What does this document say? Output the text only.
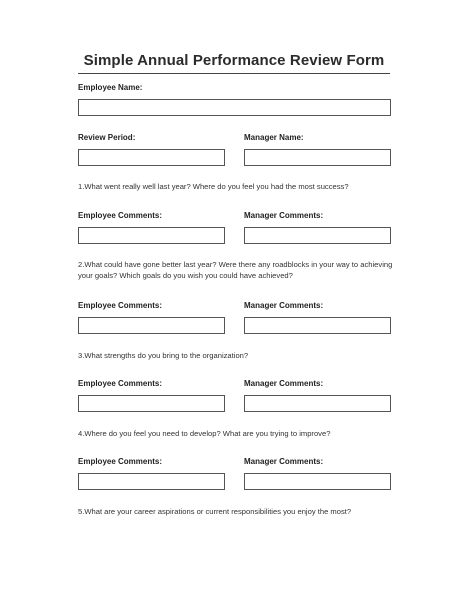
Simple Annual Performance Review Form
Employee Name:
Review Period:	Manager Name:
1.What went really well last year? Where do you feel you had the most success?
Employee Comments:	Manager Comments:
2.What could have gone better last year? Were there any roadblocks in your way to achieving your goals? Which goals do you wish you could have achieved?
Employee Comments:	Manager Comments:
3.What strengths do you bring to the organization?
Employee Comments:	Manager Comments:
4.Where do you feel you need to develop? What are you trying to improve?
Employee Comments:	Manager Comments:
5.What are your career aspirations or current responsibilities you enjoy the most?
